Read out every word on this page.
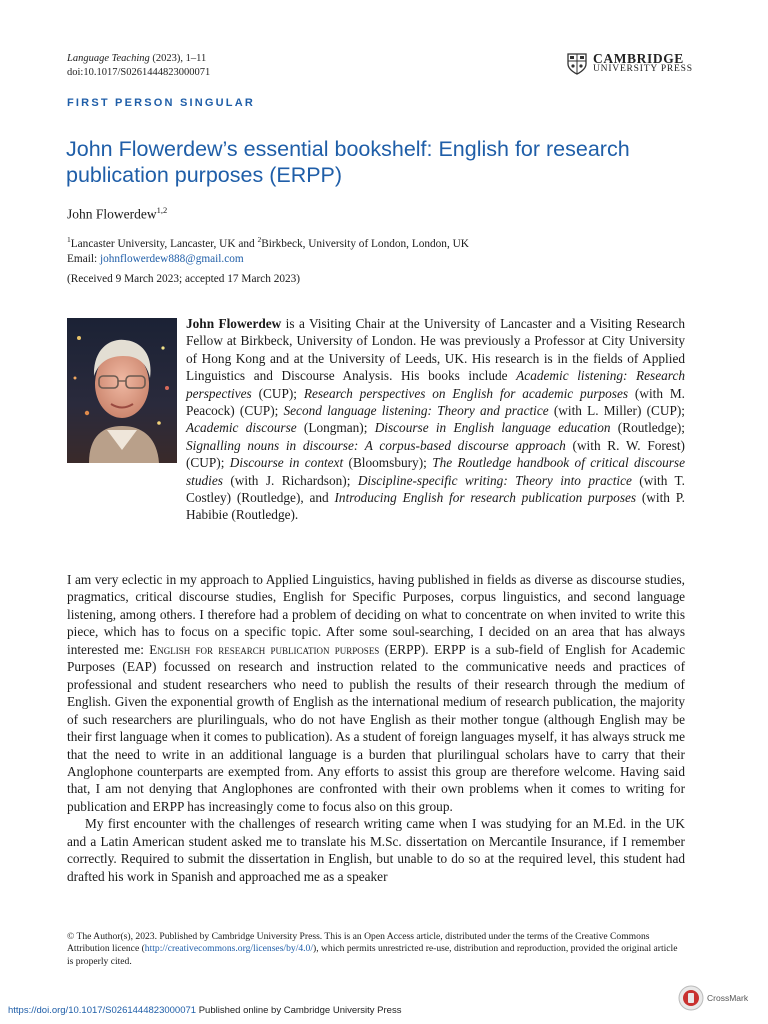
Language Teaching (2023), 1–11
doi:10.1017/S0261444823000071
CAMBRIDGE
UNIVERSITY PRESS
FIRST PERSON SINGULAR
John Flowerdew’s essential bookshelf: English for research publication purposes (ERPP)
John Flowerdew$^{1,2}$
$^1$Lancaster University, Lancaster, UK and $^2$Birkbeck, University of London, London, UK
Email: johnflowerdew888@gmail.com
(Received 9 March 2023; accepted 17 March 2023)
John Flowerdew is a Visiting Chair at the University of Lancaster and a Visiting Research Fellow at Birkbeck, University of London. He was previously a Professor at City University of Hong Kong and at the University of Leeds, UK. His research is in the fields of Applied Linguistics and Discourse Analysis. His books include Academic listening: Research perspectives (CUP); Research perspectives on English for academic purposes (with M. Peacock) (CUP); Second language listening: Theory and practice (with L. Miller) (CUP); Academic discourse (Longman); Discourse in English language education (Routledge); Signalling nouns in discourse: A corpus-based discourse approach (with R. W. Forest) (CUP); Discourse in context (Bloomsbury); The Routledge handbook of critical discourse studies (with J. Richardson); Discipline-specific writing: Theory into practice (with T. Costley) (Routledge), and Introducing English for research publication purposes (with P. Habibie (Routledge).

I am very eclectic in my approach to Applied Linguistics, having published in fields as diverse as discourse studies, pragmatics, critical discourse studies, English for Specific Purposes, corpus linguistics, and second language listening, among others. I therefore had a problem of deciding on what to concentrate on when invited to write this piece, which has to focus on a specific topic. After some soul-searching, I decided on an area that has always interested me: English for research publication purposes (ERPP). ERPP is a sub-field of English for Academic Purposes (EAP) focussed on research and instruction related to the communicative needs and practices of professional and student researchers who need to publish the results of their research through the medium of English. Given the exponential growth of English as the international medium of research publication, the majority of such researchers are plurilinguals, who do not have English as their mother tongue (although English may be their first language when it comes to publication). As a student of foreign languages myself, it has always struck me that the need to write in an additional language is a burden that plurilingual scholars have to carry that their Anglophone counterparts are exempted from. Any efforts to assist this group are therefore welcome. Having said that, I am not denying that Anglophones are confronted with their own problems when it comes to writing for publication and ERPP has increasingly come to focus also on this group.

My first encounter with the challenges of research writing came when I was studying for an M.Ed. in the UK and a Latin American student asked me to translate his M.Sc. dissertation on Mercantile Insurance, if I remember correctly. Required to submit the dissertation in English, but unable to do so at the required level, this student had drafted his work in Spanish and approached me as a speaker

© The Author(s), 2023. Published by Cambridge University Press. This is an Open Access article, distributed under the terms of the Creative Commons Attribution licence (http://creativecommons.org/licenses/by/4.0/), which permits unrestricted re-use, distribution and reproduction, provided the original article is properly cited.
https://doi.org/10.1017/S0261444823000071 Published online by Cambridge University Press
CrossMark
